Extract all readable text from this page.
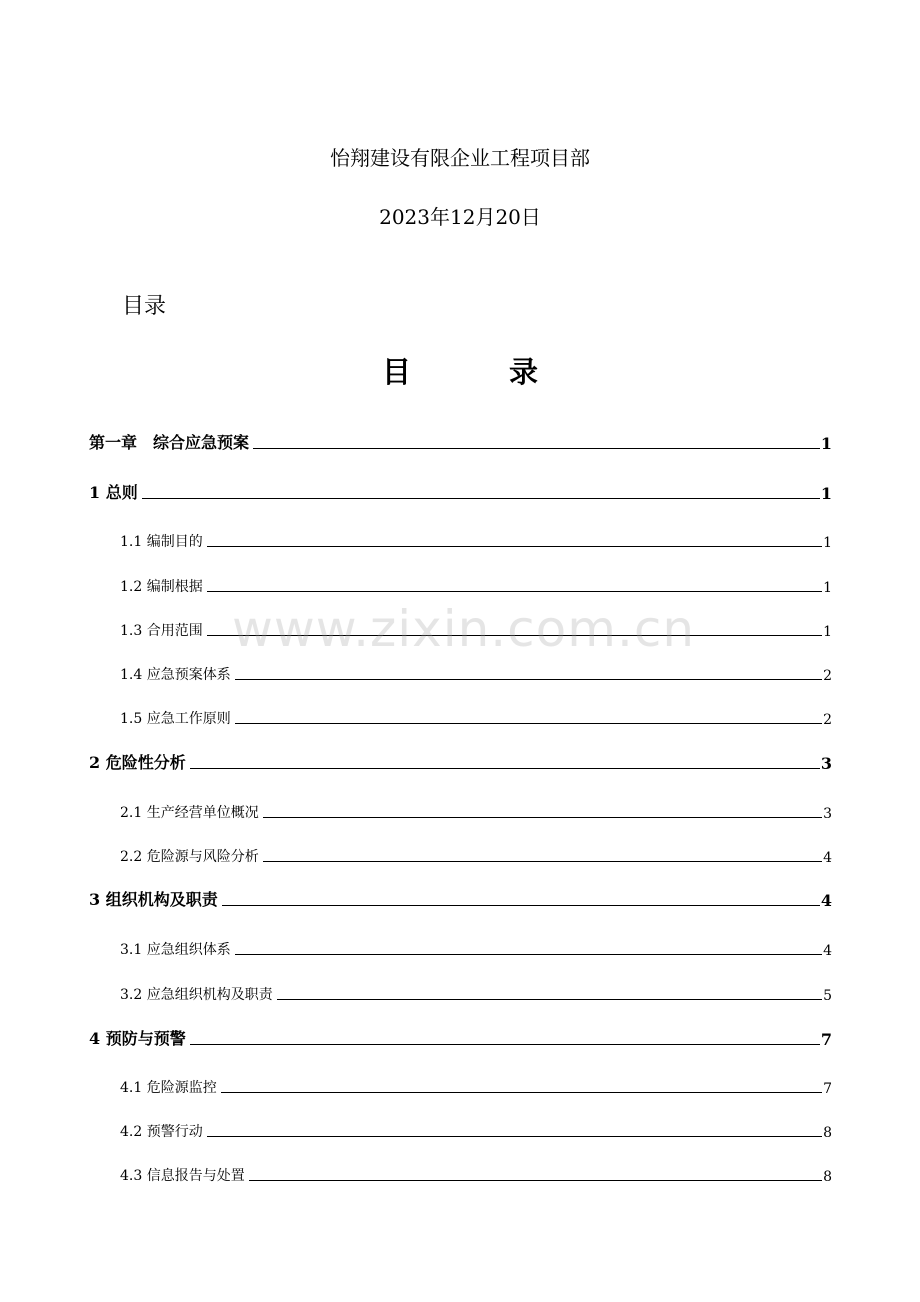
怡翔建设有限企业工程项目部
2023年12月20日
目录
目 录
第一章　综合应急预案	1
1 总则	1
1.1 编制目的	1
1.2 编制根据	1
1.3 合用范围	1
1.4 应急预案体系	2
1.5 应急工作原则	2
2 危险性分析	3
2.1 生产经营单位概况	3
2.2 危险源与风险分析	4
3 组织机构及职责	4
3.1 应急组织体系	4
3.2 应急组织机构及职责	5
4 预防与预警	7
4.1 危险源监控	7
4.2 预警行动	8
4.3 信息报告与处置	8
www.zixin.com.cn
